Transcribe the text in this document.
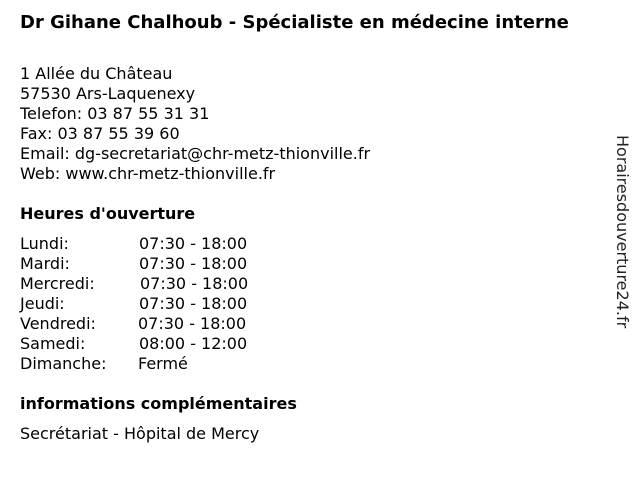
Dr Gihane Chalhoub - Spécialiste en médecine interne
1 Allée du Château
57530 Ars-Laquenexy
Telefon: 03 87 55 31 31
Fax: 03 87 55 39 60
Email: dg-secretariat@chr-metz-thionville.fr
Web: www.chr-metz-thionville.fr
Heures d'ouverture
Lundi:	07:30 - 18:00
Mardi:	07:30 - 18:00
Mercredi:	07:30 - 18:00
Jeudi:	07:30 - 18:00
Vendredi:	07:30 - 18:00
Samedi:	08:00 - 12:00
Dimanche: Fermé
informations complémentaires
Secrétariat - Hôpital de Mercy
Horairesdouverture24.fr
